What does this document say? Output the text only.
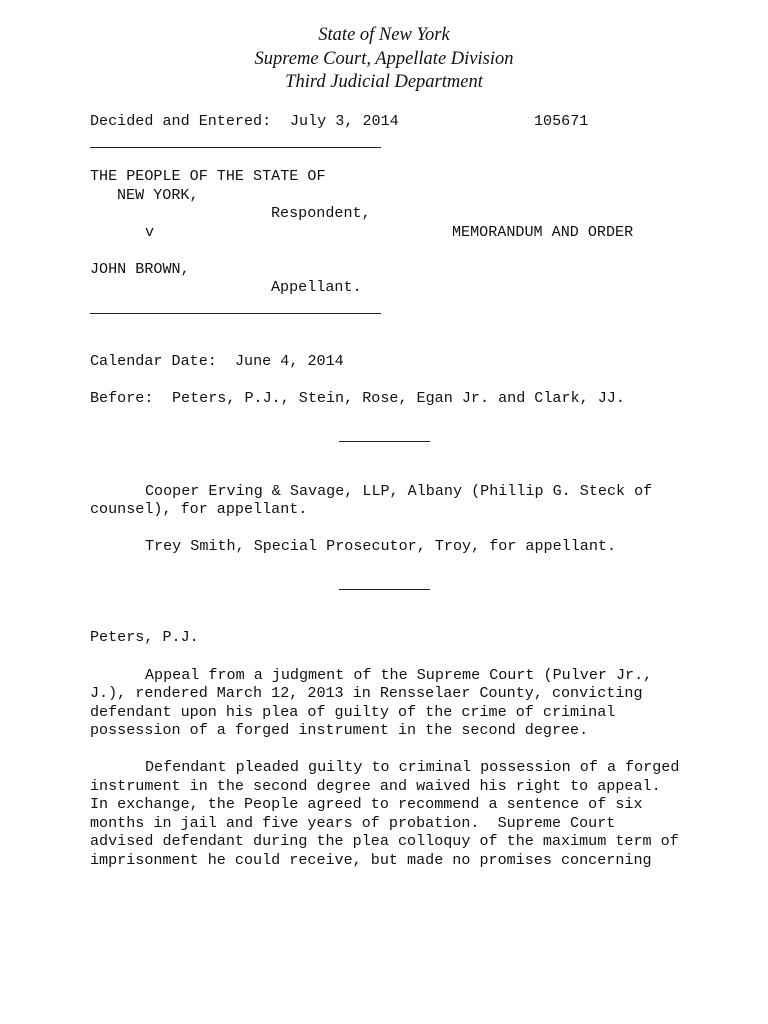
State of New York
Supreme Court, Appellate Division
Third Judicial Department
Decided and Entered: July 3, 2014	105671
THE PEOPLE OF THE STATE OF
NEW YORK,
Respondent,
v	MEMORANDUM AND ORDER
JOHN BROWN,
Appellant.
Calendar Date: June 4, 2014
Before: Peters, P.J., Stein, Rose, Egan Jr. and Clark, JJ.
Cooper Erving & Savage, LLP, Albany (Phillip G. Steck of
counsel), for appellant.
Trey Smith, Special Prosecutor, Troy, for appellant.
Peters, P.J.
Appeal from a judgment of the Supreme Court (Pulver Jr.,
J.), rendered March 12, 2013 in Rensselaer County, convicting
defendant upon his plea of guilty of the crime of criminal
possession of a forged instrument in the second degree.
Defendant pleaded guilty to criminal possession of a forged
instrument in the second degree and waived his right to appeal.
In exchange, the People agreed to recommend a sentence of six
months in jail and five years of probation.  Supreme Court
advised defendant during the plea colloquy of the maximum term of
imprisonment he could receive, but made no promises concerning
